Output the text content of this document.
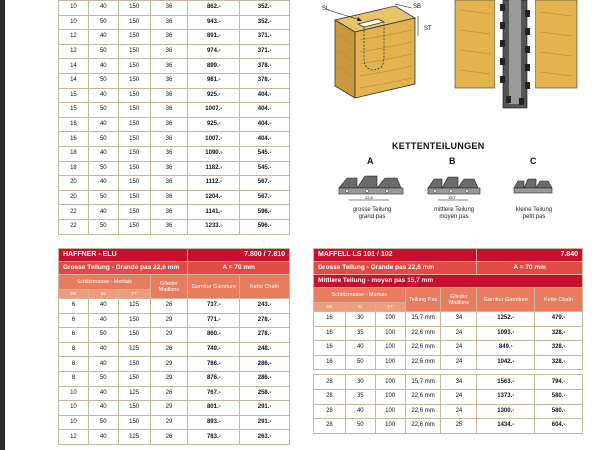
10	40	150	36	862.-	352.-
10	50	150	36	943.-	352.-
12	40	150	36	891.-	371.-
12	50	150	36	974.-	371.-
14	40	150	36	899.-	378.-
14	50	150	36	981.-	378.-
15	40	150	36	925.-	404.-
15	50	150	36	1007.-	404.-
16	40	150	36	925.-	404.-
16	50	150	36	1007.-	404.-
18	40	150	36	1090.-	545.-
18	50	150	36	1182.-	545.-
20	40	150	36	1112.-	567.-
20	50	150	36	1204.-	567.-
22	40	150	36	1141.-	596.-
22	50	150	36	1233.-	596.-
SL	SB
ST
KETTENTEILUNGEN
A	B	C
22,6	15,7
grosse Teilung
grand pas
mittlere Teilung
moyen pas
kleine Teilung
petit pas
HAFFNER - ELU				7.800 / 7.810	
Grosse Teilung - Grande pas 22,6 mm				A = 70 mm	
Schlitzmasse - Mortais			Glieder Maillons	Garnitur Garniture	Kette Chaîn
SB	SL	ST			
6	40	125	26	737.-	243.-
6	40	150	29	771.-	278.-
6	50	150	29	860.-	278.-
8	40	125	26	749.-	248.-
8	40	150	29	786.-	286.-
8	50	150	29	876.-	286.-
10	40	125	26	767.-	258.-
10	40	150	29	801.-	291.-
10	50	150	29	893.-	291.-
12	40	125	26	783.-	263.-
MAFFELL LS 101 / 102					7.840	
Grosse Teilung - Grande pas 22,6 mm					A = 70 mm	
Mittlere Teilung - moyen pas 15,7 mm						
Schlitzmasse - Mortais			Teilung Pas	Glieder Maillons	Garnitur Garniture	Kette Chaîn
SB	SL	ST				
16	30	100	15,7 mm	34	1252.-	479.-
16	35	100	22,6 mm	24	1093.-	328.-
16	40	100	22,6 mm	24	849.-	328.-
16	50	100	22,6 mm	24	1042.-	328.-

28	30	100	15,7 mm	34	1563.-	794.-
28	35	100	22,6 mm	24	1373.-	580.-
28	40	100	22,6 mm	24	1300.-	580.-
28	50	100	22,6 mm	25	1434.-	604.-
